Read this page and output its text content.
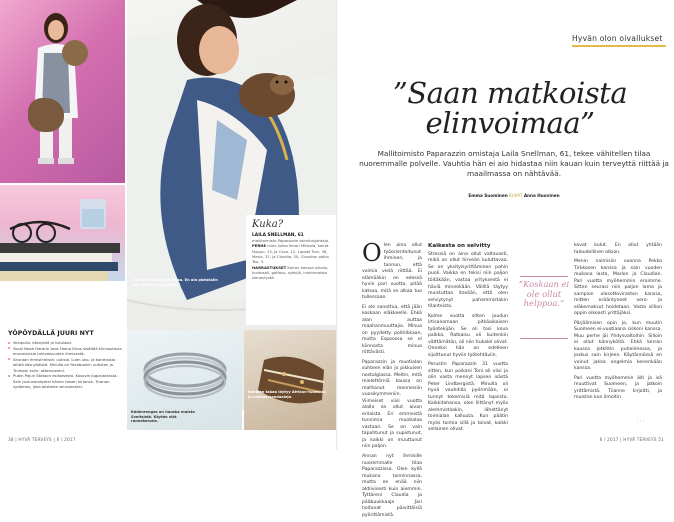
"Olen sinut ikäni kanssa. En ala pistoksiin tai stressaa ryppyistä."
Kuka?
LAILA SNELLMAN, 61
mallitoimisto Paparazzin toimitusjohtaja.
PERHE mies Jukka Ilmari Mikkola, koirat Nuppu, 13, ja Coco, 12, Lapset Toni, 38, Marlo, 31, ja Claudia, 30, Claudion poika Teo, 5.
HARRASTUKSET Koiran kanssa ulkoilu, kuntosali, golfaus, sykkijä, intohimoista sienestystä.
Kädenrengas on hauska muisto Sveitsistä. Käytän sitä rannekoruna.
Kenkien takaa löytyy Afrikan-tuomisia ja nahkaa-sandaaleja.
YÖPÖYDÄLLÄ JUURI NYT
Vesipullo, käsnyköt ja lukulasit.
Yuval Noah Hararin teos Homo Deus sisältää kiinnostavia ennustuksia tulevaisuuden ihmisestä.
Seuraan ihmisihmisiä: uutisia. Luen uko- ja kotimaisia lehtiä käsnyköistä. Minulla on Facebookin uutisten ja Trumpin esiin: ottamusteni.
Pubin Pajun Statoon esikoisesta, Kosovin Jugoslaviasta. Sain joulunalahjaksi hänen toisen kirjansa. Tiranan sydämen, joka alistelee seuraavaksi.
38 | HYVÄ TERVEYS | 6 / 2017
Hyvän olon oivallukset
”Saan matkoista
elinvoimaa”
Mallitoimisto Paparazzin omistaja Laila Snellman, 61, tekee vähitellen tilaa nuoremmalle polvelle. Vauhtia hän ei aio hidastaa niin kauan kuin terveyttä riittää ja maailmassa on nähtävää.
Emma Suominen KUVAT Anna Huovinen

Olen aina ollut työorientoitunut ihminen, ja tunnun, että voimia vielä riittää. Ei elämääkin on edessä hyvin pari vuotta, pitää katsoa, mitä se alkaa tuo tullessaan.

Ei ole sanottua, että jään koskaan eläkkeelle. Ehkä alan auttaa maahanmuuttajia. Minua on pyydetty politiikkaan, mutta Espoossa se ei kiinnosta minua riittävästi.

Paparazzin ja muotialan suhteen elän jo pikkuisen nostalgiassa. Meitin, mitä mielettömiä kausia on mahtanut menneisiin vuosikymmeniin. Viimeiset viisi vuotta alalla on ollut aivan erilaista. Eri emmeistä tunnimia muotialaa vastaan. Se on vain tapahtunut ja supistunut, ja kaikki on muuttunut niin paljon.

Annan nyt ihmisille nuoremmalle tilaa Paparazzissa. Olen kyllä mukana toiminnassa, mutta en enää niin aktiivisesti kuin aiemmin. Tyttäreni Claudia ja pääbuukkaaja Jari hoitavat päivittäisiä pyörittämistä.

Kaikesta on selvitty

Stressiä on aina ollut valtavasti, mikä on ollut hirveän kuluttavaa. Se on yksityisyrittäminen pahin puoli. Vaikka en tekisi niin paljon töitäkään, vastaa yrityksestä ei häviä minnekään. Välillä täytyy muistuttaa itseään, että olen selviytynyt pahemmistakin tilanteista.

Kolme vuotta sitten joudun irtisanomaan pitkäaikaisen työntekijän. Se oli tosi kova paikka. Ratkaisu oli kuitenkin välttämätön, oli niin tiukalel olivat. Onneksi hän on edelleen sijoittunut hyviin työtehtäviin.

Perustin Paparazzin 31 vuotta sitten, kun poikani Toni oli viisi ja olin vasta mennyt lapsen isästä Peter Lindbergistä. Minulla oli hyvä vauhdilla pyörimään, ei tunnyt tekemisiä mitä lapsista. Kaikkitahansa, olen liittänyt myös alemmistaakin, lähettänyt toimialan kalluuta. Kun päätin myös toimia sillä ja toivat, kaikki sellainen olivat.

”Koskaan ei ole ollut helppoa.”

kovat kulut. En ollut yhtään taloudellinen olkion.

Menin naimisiin vuonna Pekka Tirkkosen kanssa ja sain vuoden mukana lasta, Marlon ja Claudian. Pari vuotta myöhemmin eroimme. Sitten seurasi niin paljon lama ja sampion ulosottoviraston kanssa, mitten erääntyneet vero- ja eläkemaksut hoidetaan. Vasta sillion oppin oikeasti yrittäjäksi.

Pärjäämisen opin jo, kun muutin Suomeen ei-vuotiaana siskoni kanssa. Muu perhe jäi Yhdysvaltoihin. Silloin ei ollut kännyköitä. Ehkä kerran kuussa jotkittin puhelimessa, ja joskus sain kirjeen. Käytännössä en voinut jakaa ongelmia kenenkään kanssa.

Pari vuotta myöhemmin äiti ja isä muuttivat Suomeen, ja jatkoin yrittämistä. Tiianne kirjoitti, ja muistan kun ilmoitin

› › ›
6 / 2017 | HYVÄ TERVEYS 51
